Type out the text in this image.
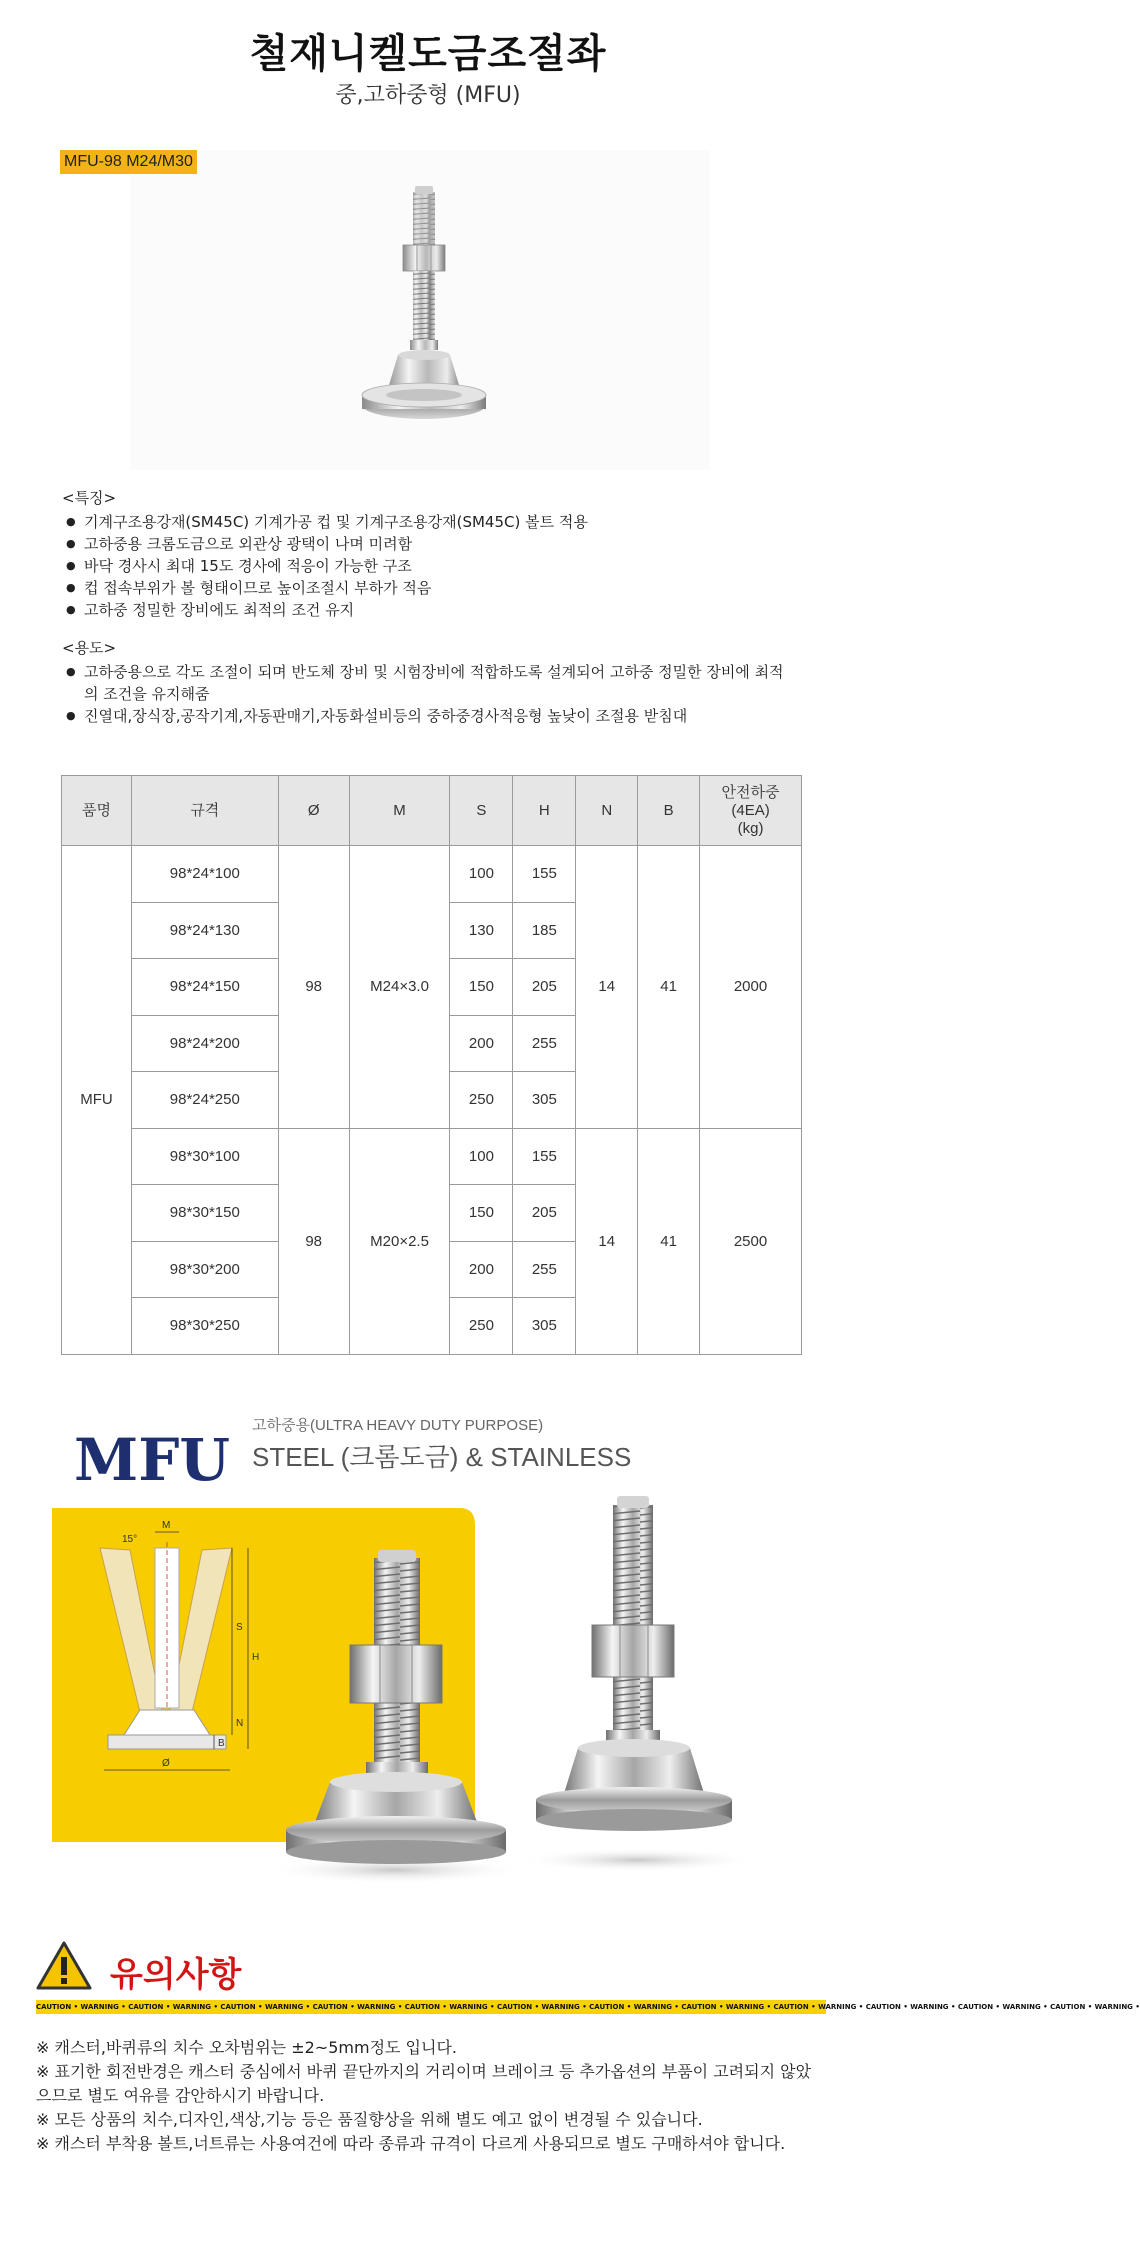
철재니켈도금조절좌
중,고하중형 (MFU)
MFU-98 M24/M30
<특징>
● 기계구조용강재(SM45C) 기계가공 컵 및 기계구조용강재(SM45C) 볼트 적용
● 고하중용 크롬도금으로 외관상 광택이 나며 미려함
● 바닥 경사시 최대 15도 경사에 적응이 가능한 구조
● 컵 접속부위가 볼 형태이므로 높이조절시 부하가 적음
● 고하중 정밀한 장비에도 최적의 조건 유지
<용도>
● 고하중용으로 각도 조절이 되며 반도체 장비 및 시험장비에 적합하도록 설계되어 고하중 정밀한 장비에 최적의 조건을 유지해줌
● 진열대,장식장,공작기계,자동판매기,자동화설비등의 중하중경사적응형 높낮이 조절용 받침대
품명	규격	Ø	M	S	H	N	B	안전하중
(4EA)
(kg)

MFU	98*24*100	98	M24×3.0	100	155	14	41	2000
	98*24*130			130	185			
	98*24*150			150	205			
	98*24*200			200	255			
	98*24*250			250	305			
	98*30*100	98	M20×2.5	100	155	14	41	2500
	98*30*150			150	205			
	98*30*200			200	255			
	98*30*250			250	305			
MFU
고하중용(ULTRA HEAVY DUTY PURPOSE)
STEEL (크롬도금) & STAINLESS
M
15°
S
H
N
B
Ø
유의사항
CAUTION • WARNING • CAUTION • WARNING • CAUTION • WARNING • CAUTION • WARNING • CAUTION • WARNING • CAUTION • WARNING • CAUTION • WARNING • CAUTION • WARNING • CAUTION • WARNING • CAUTION • WARNING • CAUTION • WARNING • CAUTION • WARNING •
※ 캐스터,바퀴류의 치수 오차범위는 ±2~5mm정도 입니다.
※ 표기한 회전반경은 캐스터 중심에서 바퀴 끝단까지의 거리이며 브레이크 등 추가옵션의 부품이 고려되지 않았으므로 별도 여유를 감안하시기 바랍니다.
※ 모든 상품의 치수,디자인,색상,기능 등은 품질향상을 위해 별도 예고 없이 변경될 수 있습니다.
※ 캐스터 부착용 볼트,너트류는 사용여건에 따라 종류과 규격이 다르게 사용되므로 별도 구매하셔야 합니다.
